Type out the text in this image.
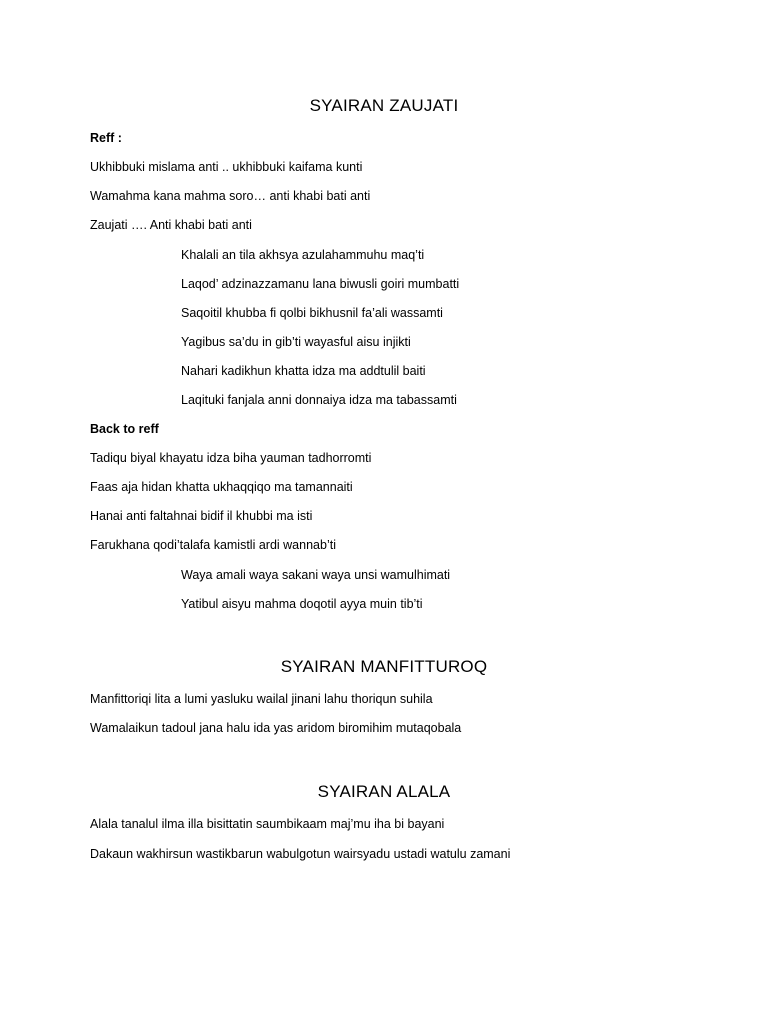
SYAIRAN ZAUJATI
Reff :
Ukhibbuki mislama anti .. ukhibbuki kaifama kunti
Wamahma kana mahma soro… anti khabi bati anti
Zaujati …. Anti khabi bati anti
Khalali an tila akhsya azulahammuhu maq’ti
Laqod’ adzinazzamanu lana biwusli goiri mumbatti
Saqoitil khubba fi qolbi bikhusnil fa’ali wassamti
Yagibus sa’du in gib’ti wayasful aisu injikti
Nahari kadikhun khatta idza ma addtulil baiti
Laqituki fanjala anni donnaiya idza ma tabassamti
Back to reff
Tadiqu biyal khayatu idza biha yauman tadhorromti
Faas aja hidan khatta ukhaqqiqo ma tamannaiti
Hanai anti faltahnai bidif il khubbi ma isti
Farukhana qodi’talafa kamistli ardi wannab’ti
Waya amali waya sakani waya unsi wamulhimati
Yatibul aisyu mahma doqotil ayya muin tib’ti
SYAIRAN MANFITTUROQ
Manfittoriqi lita a lumi yasluku wailal jinani lahu thoriqun suhila
Wamalaikun tadoul jana halu ida yas aridom biromihim mutaqobala
SYAIRAN ALALA
Alala tanalul ilma illa bisittatin saumbikaam maj’mu iha bi bayani
Dakaun wakhirsun wastikbarun wabulgotun wairsyadu ustadi watulu zamani
